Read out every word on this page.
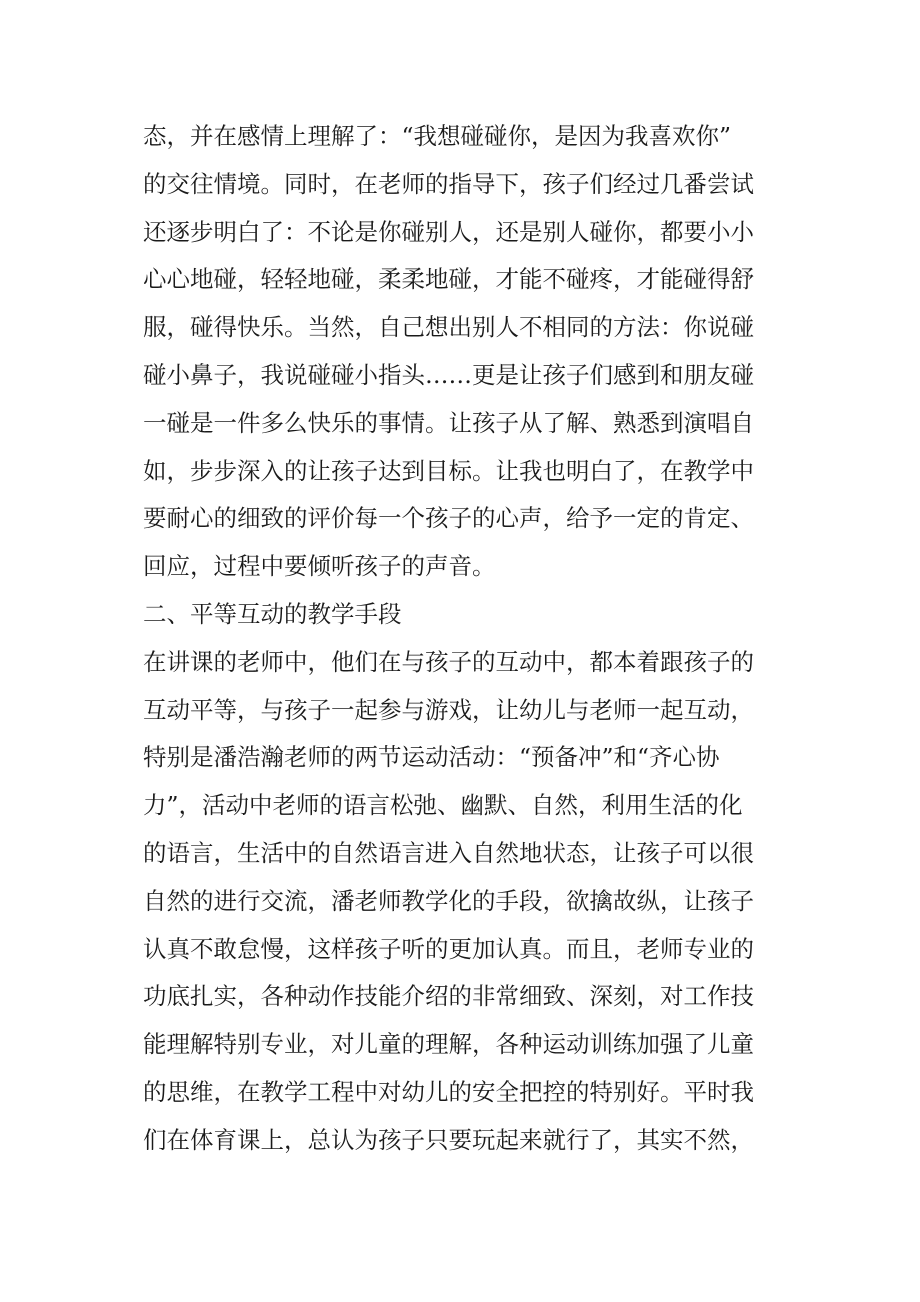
态，并在感情上理解了：“我想碰碰你，是因为我喜欢你”
的交往情境。同时，在老师的指导下，孩子们经过几番尝试
还逐步明白了：不论是你碰别人，还是别人碰你，都要小小
心心地碰，轻轻地碰，柔柔地碰，才能不碰疼，才能碰得舒
服，碰得快乐。当然，自己想出别人不相同的方法：你说碰
碰小鼻子，我说碰碰小指头……更是让孩子们感到和朋友碰
一碰是一件多么快乐的事情。让孩子从了解、熟悉到演唱自
如，步步深入的让孩子达到目标。让我也明白了，在教学中
要耐心的细致的评价每一个孩子的心声，给予一定的肯定、
回应，过程中要倾听孩子的声音。
二、平等互动的教学手段
在讲课的老师中，他们在与孩子的互动中，都本着跟孩子的
互动平等，与孩子一起参与游戏，让幼儿与老师一起互动，
特别是潘浩瀚老师的两节运动活动：“预备冲”和“齐心协
力”，活动中老师的语言松弛、幽默、自然，利用生活的化
的语言，生活中的自然语言进入自然地状态，让孩子可以很
自然的进行交流，潘老师教学化的手段，欲擒故纵，让孩子
认真不敢怠慢，这样孩子听的更加认真。而且，老师专业的
功底扎实，各种动作技能介绍的非常细致、深刻，对工作技
能理解特别专业，对儿童的理解，各种运动训练加强了儿童
的思维，在教学工程中对幼儿的安全把控的特别好。平时我
们在体育课上，总认为孩子只要玩起来就行了，其实不然，
